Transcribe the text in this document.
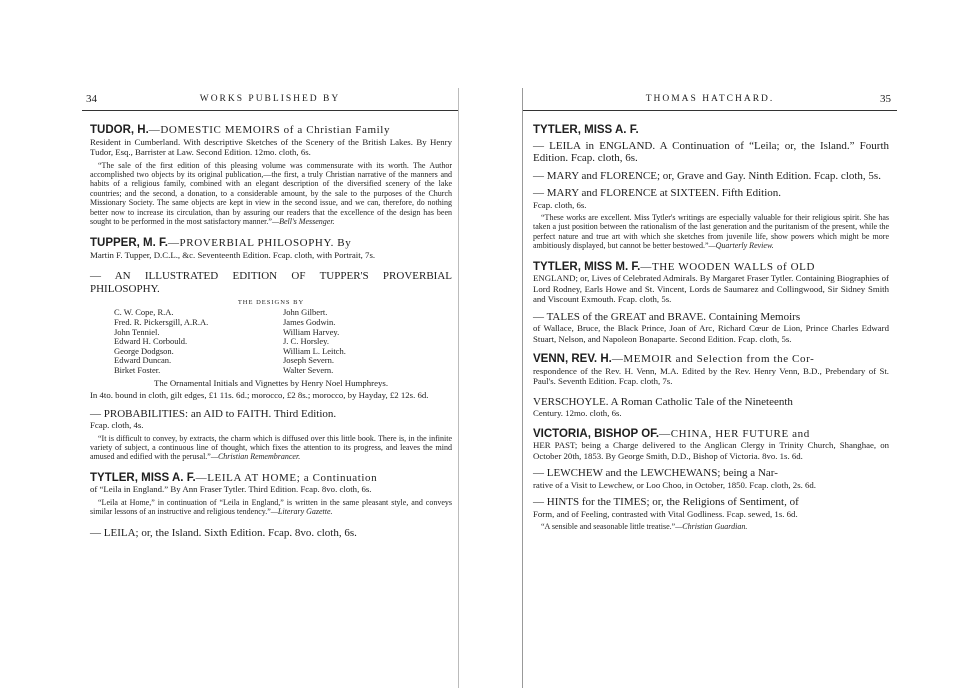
34	WORKS PUBLISHED BY
TUDOR, H.—DOMESTIC MEMOIRS of a Christian Family
Resident in Cumberland. With descriptive Sketches of the Scenery of the British Lakes. By Henry Tudor, Esq., Barrister at Law. Second Edition. 12mo. cloth, 6s.
“The sale of the first edition of this pleasing volume was commensurate with its worth. The Author accomplished two objects by its original publication,—the first, a truly Christian narrative of the manners and habits of a religious family, combined with an elegant description of the diversified scenery of the lake countries; and the second, a donation, to a considerable amount, by the sale to the purposes of the Church Missionary Society. The same objects are kept in view in the second issue, and we can, therefore, do nothing better now to increase its circulation, than by assuring our readers that the excellence of the design has been sought to be performed in the most satisfactory manner.”—Bell's Messenger.
TUPPER, M. F.—PROVERBIAL PHILOSOPHY. By
Martin F. Tupper, D.C.L., &c. Seventeenth Edition. Fcap. cloth, with Portrait, 7s.
— AN ILLUSTRATED EDITION OF TUPPER'S PROVERBIAL PHILOSOPHY.
THE DESIGNS BY
C. W. Cope, R.A.
Fred. R. Pickersgill, A.R.A.
John Tenniel.
Edward H. Corbould.
George Dodgson.
Edward Duncan.
Birket Foster.
John Gilbert.
James Godwin.
William Harvey.
J. C. Horsley.
William L. Leitch.
Joseph Severn.
Walter Severn.
The Ornamental Initials and Vignettes by Henry Noel Humphreys.
In 4to. bound in cloth, gilt edges, £1 11s. 6d.; morocco, £2 8s.; morocco, by Hayday, £2 12s. 6d.
— PROBABILITIES: an AID to FAITH. Third Edition.
Fcap. cloth, 4s.
“It is difficult to convey, by extracts, the charm which is diffused over this little book. There is, in the infinite variety of subject, a continuous line of thought, which fixes the attention to its progress, and leaves the mind amused and edified with the perusal.”—Christian Remembrancer.
TYTLER, MISS A. F.—LEILA AT HOME; a Continuation
of “Leila in England.” By Ann Fraser Tytler. Third Edition. Fcap. 8vo. cloth, 6s.
“Leila at Home,” in continuation of “Leila in England,” is written in the same pleasant style, and conveys similar lessons of an instructive and religious tendency.”—Literary Gazette.
— LEILA; or, the Island. Sixth Edition. Fcap. 8vo. cloth, 6s.
THOMAS HATCHARD.	35
TYTLER, MISS A. F.
— LEILA in ENGLAND. A Continuation of “Leila; or, the Island.” Fourth Edition. Fcap. cloth, 6s.
— MARY and FLORENCE; or, Grave and Gay. Ninth Edition. Fcap. cloth, 5s.
— MARY and FLORENCE at SIXTEEN. Fifth Edition.
Fcap. cloth, 6s.
“These works are excellent. Miss Tytler's writings are especially valuable for their religious spirit. She has taken a just position between the rationalism of the last generation and the puritanism of the present, while the perfect nature and true art with which she sketches from juvenile life, show powers which might be more ambitiously displayed, but cannot be better bestowed.”—Quarterly Review.
TYTLER, MISS M. F.—THE WOODEN WALLS of OLD
ENGLAND; or, Lives of Celebrated Admirals. By Margaret Fraser Tytler. Containing Biographies of Lord Rodney, Earls Howe and St. Vincent, Lords de Saumarez and Collingwood, Sir Sidney Smith and Viscount Exmouth. Fcap. cloth, 5s.
— TALES of the GREAT and BRAVE. Containing Memoirs
of Wallace, Bruce, the Black Prince, Joan of Arc, Richard Cœur de Lion, Prince Charles Edward Stuart, Nelson, and Napoleon Bonaparte. Second Edition. Fcap. cloth, 5s.
VENN, REV. H.—MEMOIR and Selection from the Cor-
respondence of the Rev. H. Venn, M.A. Edited by the Rev. Henry Venn, B.D., Prebendary of St. Paul's. Seventh Edition. Fcap. cloth, 7s.
VERSCHOYLE. A Roman Catholic Tale of the Nineteenth
Century. 12mo. cloth, 6s.
VICTORIA, BISHOP OF.—CHINA, HER FUTURE and
HER PAST; being a Charge delivered to the Anglican Clergy in Trinity Church, Shanghae, on October 20th, 1853. By George Smith, D.D., Bishop of Victoria. 8vo. 1s. 6d.
— LEWCHEW and the LEWCHEWANS; being a Nar-
rative of a Visit to Lewchew, or Loo Choo, in October, 1850. Fcap. cloth, 2s. 6d.
— HINTS for the TIMES; or, the Religions of Sentiment, of
Form, and of Feeling, contrasted with Vital Godliness. Fcap. sewed, 1s. 6d.
“A sensible and seasonable little treatise.”—Christian Guardian.
